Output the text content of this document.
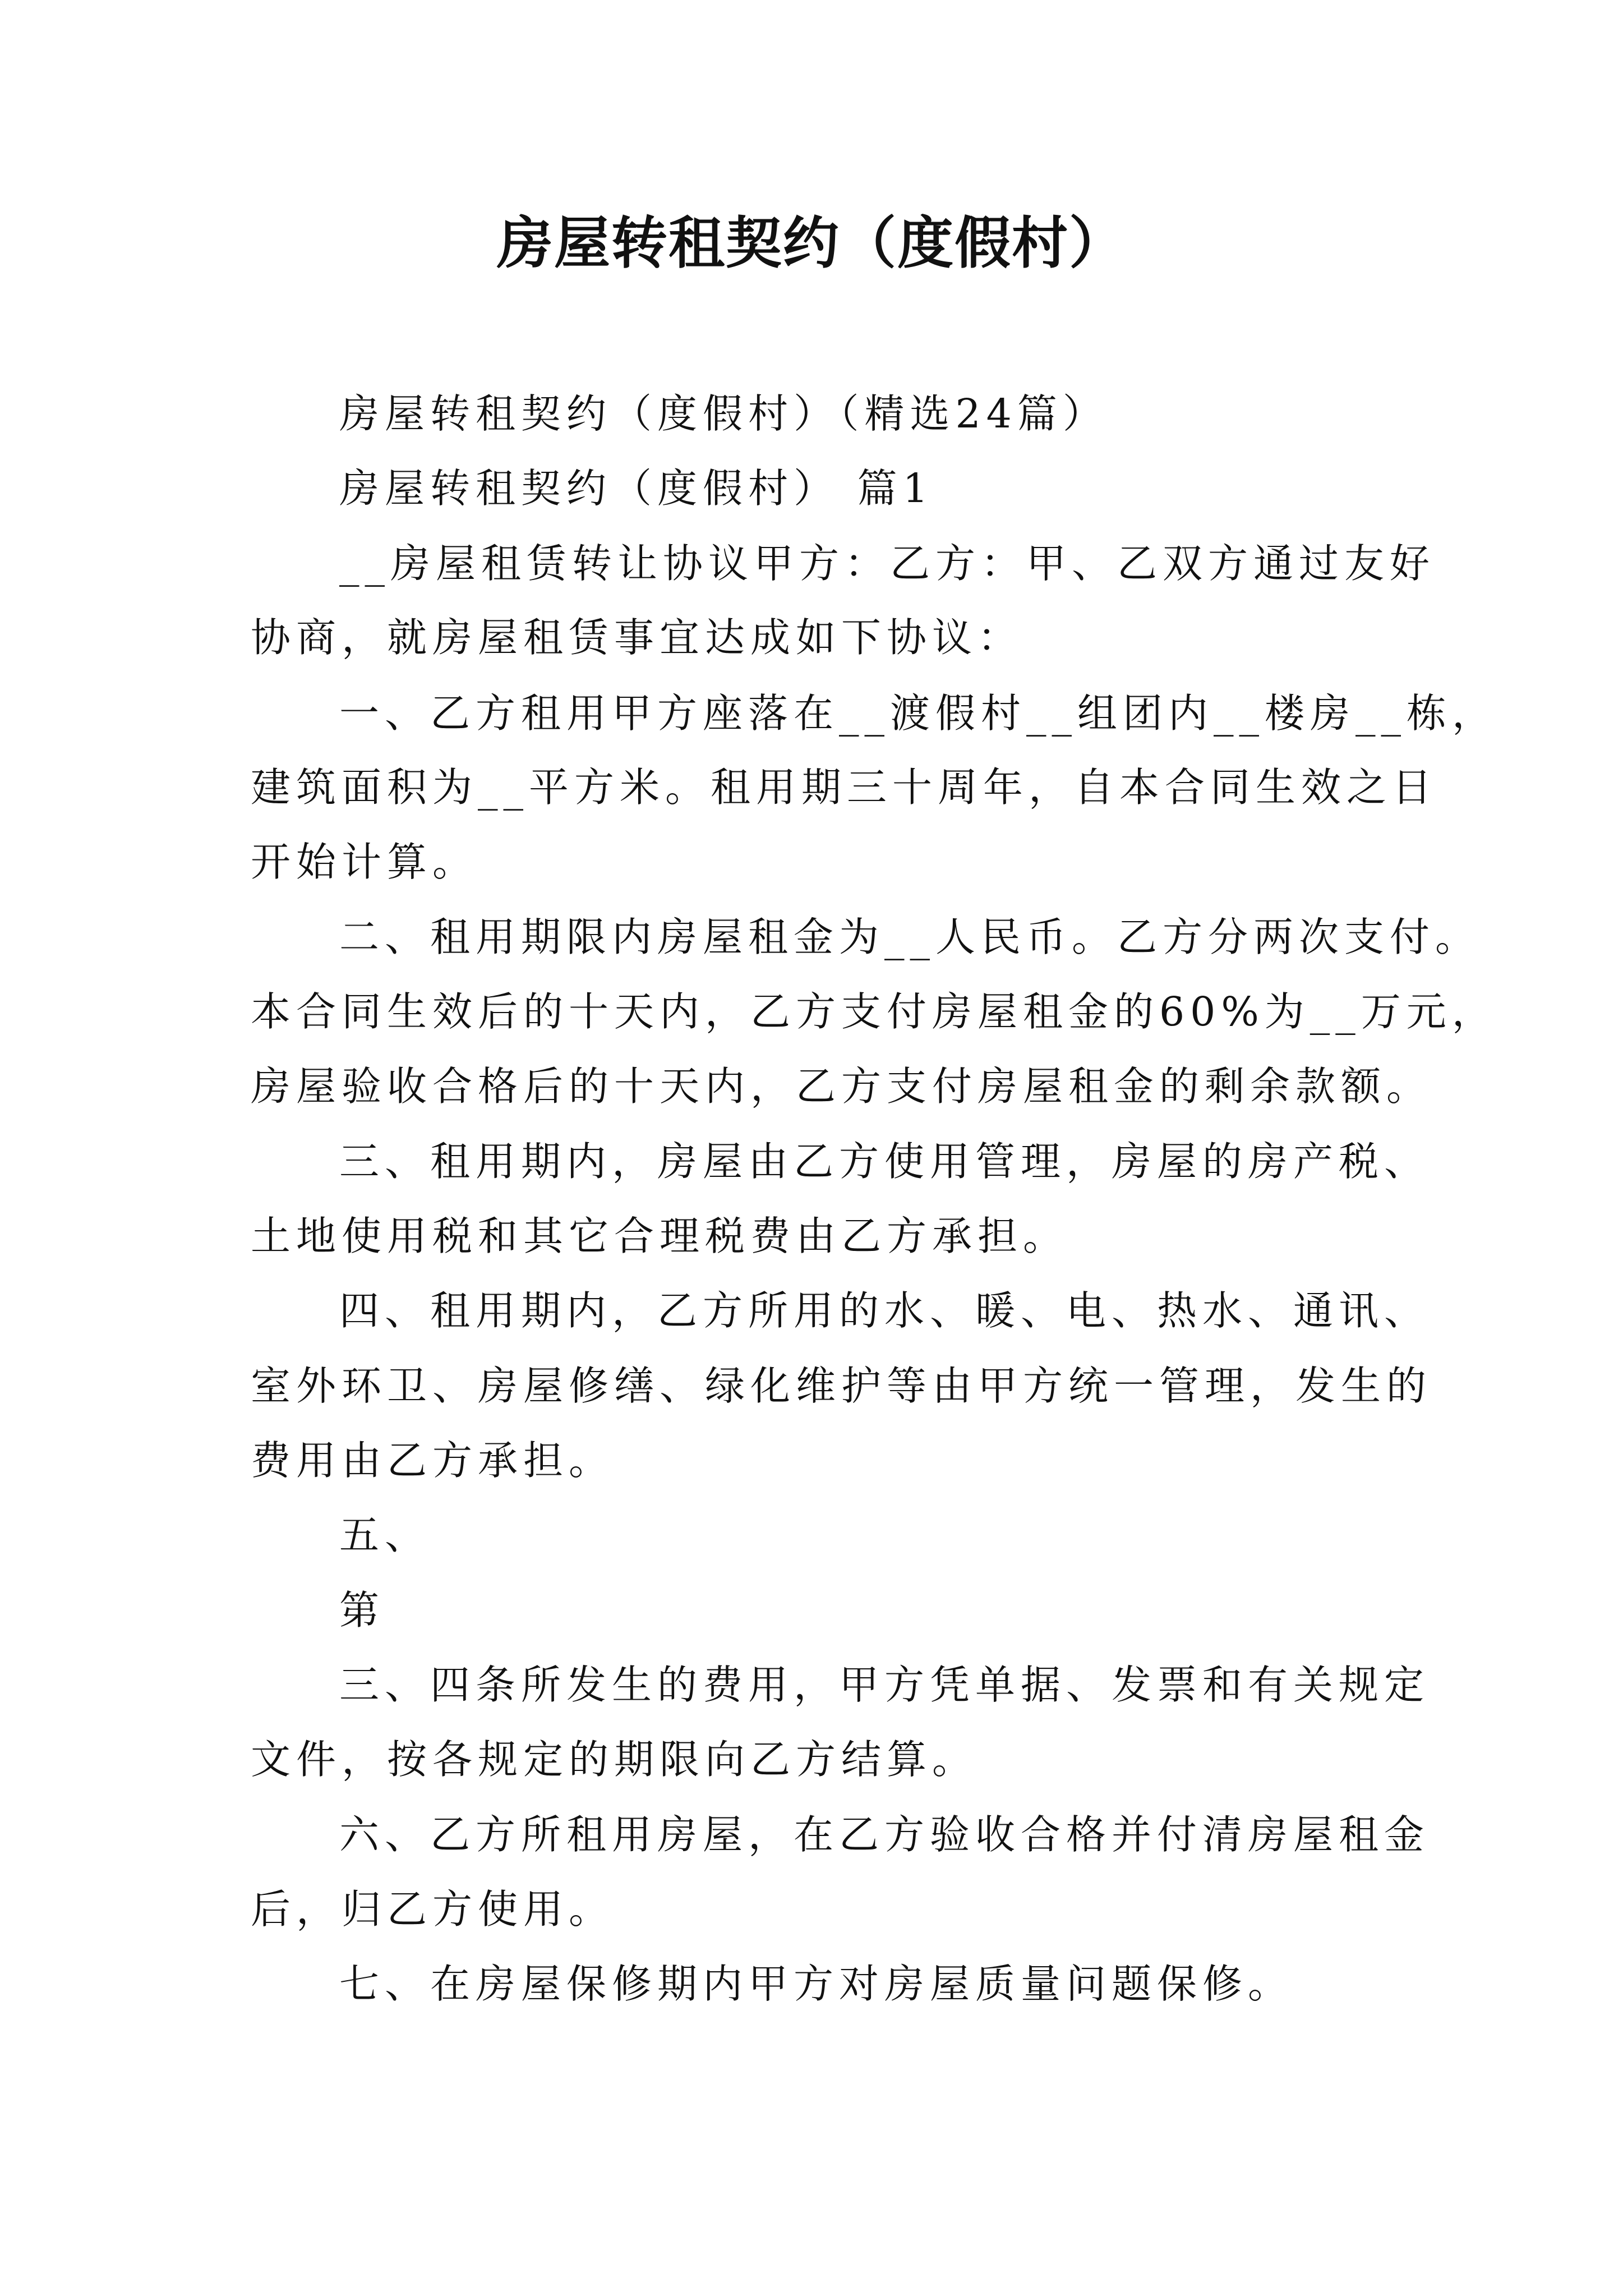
房屋转租契约（度假村）
房屋转租契约（度假村）（精选24篇）
房屋转租契约（度假村） 篇1
__房屋租赁转让协议甲方：乙方：甲、乙双方通过友好
协商，就房屋租赁事宜达成如下协议：
一、乙方租用甲方座落在__渡假村__组团内__楼房__栋，
建筑面积为__平方米。租用期三十周年，自本合同生效之日
开始计算。
二、租用期限内房屋租金为__人民币。乙方分两次支付。
本合同生效后的十天内，乙方支付房屋租金的60%为__万元，
房屋验收合格后的十天内，乙方支付房屋租金的剩余款额。
三、租用期内，房屋由乙方使用管理，房屋的房产税、
土地使用税和其它合理税费由乙方承担。
四、租用期内，乙方所用的水、暖、电、热水、通讯、
室外环卫、房屋修缮、绿化维护等由甲方统一管理，发生的
费用由乙方承担。
五、
第
三、四条所发生的费用，甲方凭单据、发票和有关规定
文件，按各规定的期限向乙方结算。
六、乙方所租用房屋，在乙方验收合格并付清房屋租金
后，归乙方使用。
七、在房屋保修期内甲方对房屋质量问题保修。
